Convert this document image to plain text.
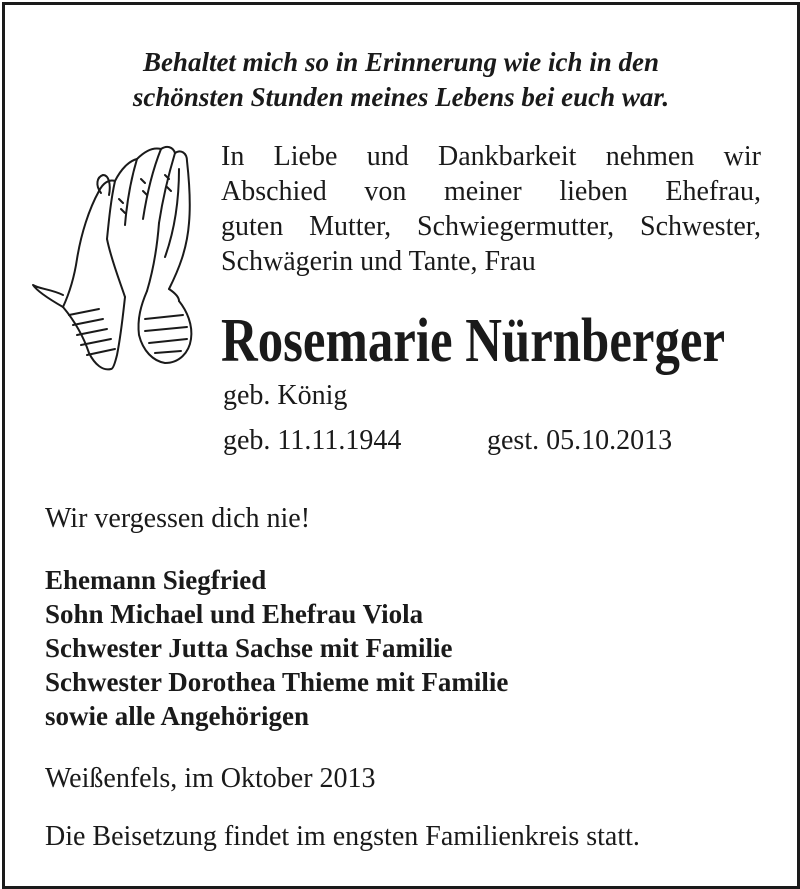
Behaltet mich so in Erinnerung wie ich in den
schönsten Stunden meines Lebens bei euch war.
In Liebe und Dankbarkeit nehmen wir
Abschied von meiner lieben Ehefrau,
guten Mutter, Schwiegermutter, Schwester,
Schwägerin und Tante, Frau
Rosemarie Nürnberger
geb. König
geb. 11.11.1944	gest. 05.10.2013
Wir vergessen dich nie!
Ehemann Siegfried
Sohn Michael und Ehefrau Viola
Schwester Jutta Sachse mit Familie
Schwester Dorothea Thieme mit Familie
sowie alle Angehörigen
Weißenfels, im Oktober 2013
Die Beisetzung findet im engsten Familienkreis statt.
